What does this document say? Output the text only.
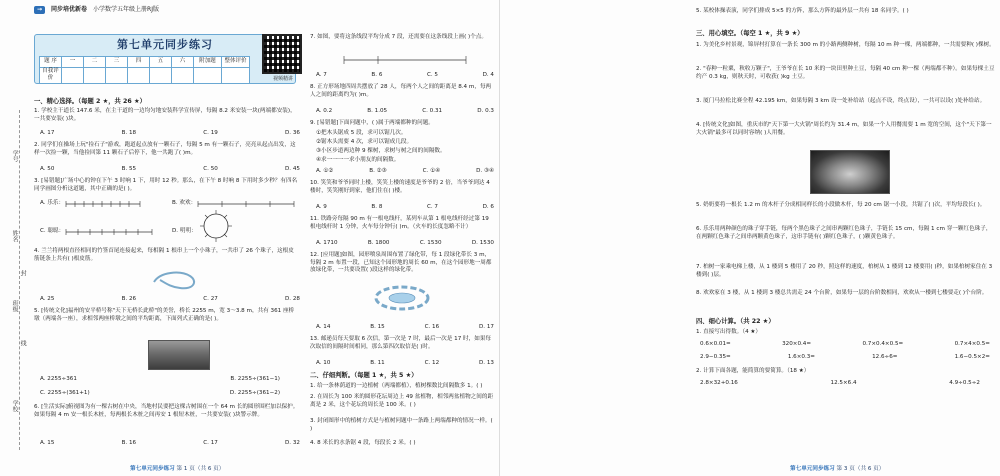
学号
姓名
班级
学校
封
线
→	同步培优新卷 小学数学五年级上册RJ版
第七单元同步练习
题 序	一	二	三	四	五	六	附加题	整体评价
自我评价									视频精讲
一、精心选择。（每题 2 ★，共 26 ★）
1. 学校主干道长 147.6 米，在主干道的一边均匀地安装科学宣传屏，每隔 8.2 米安装一块(两端都安装)，一共要安装( )块。
A. 17	B. 18	C. 19	D. 36
2. 同学们在操场上玩"捡石子"游戏，跑道起点放有一颗石子，每隔 5 m 有一颗石子，亮亮从起点出发，这样一次捡一颗，当他捡回第 11 颗石子后停下，他一共跑了( )m。
A. 50	B. 55	C. 50	D. 45
3. [易错题]广场中心的钟在下午 3 时响 1 下，用时 12 秒。那么，在下午 8 时响 8 下用时多少秒？有四名同学画图分析这道题，其中正确的是( )。
A. 乐乐：	B. 欢欢：
C. 聪聪：	D. 明明：
4. 兰兰将两根直径相同的竹签首尾连接起来，每相隔 1 根串上一个小珠子，一共串了 26 个珠子，这根皮筋链条上共有( )根皮筋。
A. 25	B. 26	C. 27	D. 28
5. [传统文化]福州的安平桥号称"天下无桥长此桥"的美誉，桥长 2255 m，宽 3～3.8 m，共有 361 座桥墩（两端各一座），求相邻两座桥墩之间的平均距离，下面列式正确的是( )。
A. 2255÷361	B. 2255÷(361−1)
C. 2255÷(361+1)	D. 2255÷(361−2)
6. [生活实际]俯视图为有一棵古树在中央，当地村民要把这棵古树围在一个 64 m 长的圆形围栏加以保护。如果每隔 4 m 安一根长木桩，每两根长木桩之间再安 1 根短木桩，一共要安装( )块警示牌。
A. 15	B. 16	C. 17	D. 32
7. 如图，要将这条线段平均分成 7 段，还需要在这条线段上画( )个点。
A. 7	B. 6	C. 5	D. 4
8. 正方形场地四周共摆放了 28 人，每两个人之间的距离是 8.4 m，每两人之间的距离约为( )m。
A. 0.2	B. 1.05	C. 0.31	D. 0.3
9. [易错题]下面问题中，( )属于两端都种的问题。
①把木头锯成 5 段，求可以锯几次。
②锯木头需要 4 次，求可以锯成几段。
③小区步道两边种 9 棵树，求树与树之间的间隔数。
④求一一一一求小朋友的间隔数。
A. ①②	B. ②③	C. ①④	D. ③④
10. 笑笑和爷爷同时上楼，笑笑上楼的速度是爷爷的 2 倍，当爷爷到达 4 楼时，笑笑刚好到家，他们住在( )楼。
A. 9	B. 8	C. 7	D. 6
11. 铁路旁每隔 90 m 有一根电线杆，某列车从第 1 根电线杆经过第 19 根电线杆时 1 分钟，火车每分钟行( )m。（火车的长度忽略不计）
A. 1710	B. 1800	C. 1530	D. 1530
12. [应用题]如图，园形喷泉周围布置了绿化带，每 1 段绿化带长 3 m，每隔 2 m 布置一段，已知这个园形地的周长 60 m，在这个园形地一周都放绿化带，一共要设置( )段这样的绿化带。
A. 14	B. 15	C. 16	D. 17
13. 邮递员每天要取 6 次信，第一次是 7 时，最后一次是 17 时，如果每次取信的间隔时间相同，那么第四次取信是( )时。
A. 10	B. 11	C. 12	D. 13
二、仔细判断。（每题 1 ★，共 5 ★）
1. 给一条林荫道的一边植树（两端都植），植树棵数比间隔数多 1。( )
2. 在周长为 100 米的圆形花坛周边上 49 盆植物，相邻两盆植物之间的距离是 2 米，这个花坛的周长是 100 米。( )
3. 封闭图形中的植树方式是与植树问题中一条路上两端都种的情况一样。( )
4. 8 米长的水条锯 4 段，每段长 2 米。( )
第七单元同步练习 第 1 页（共 6 页）
5. 某校体操表演，同学们排成 5×5 的方阵，那么方阵的最外层一共有 18 名同学。( )
三、用心填空。（每空 1 ★，共 9 ★）
1. 为美化乡村景观，锦屏村打算在一条长 300 m 的小路两侧种树，每隔 10 m 种一棵，两端都种，一共需要种( )棵树。
2. "春种一粒粟，秋收万颗子"，王爷爷在长 10 米的一块田里种土豆，每隔 40 cm 种一棵（两端都不种）。如果每棵土豆约产 0.3 kg，则秋天时，可收获( )kg 土豆。
3. 厦门马拉松比赛全程 42.195 km，如果每隔 3 km 设一处补给站（起点不设，终点设），一共可以设( )处补给站。
4. [传统文化]如图，重庆市的"天下第一大火锅"周长约为 31.4 m，如果一个人用餐需要 1 m 宽的空间，这个"天下第一大火锅"最多可以同时容纳( )人用餐。
5. 奶奶要将一根长 1.2 m 的木杆子分成相同样长的小段做木杆，每 20 cm 锯一小段，共锯了( )次，平均每段长( )。
6. 乐乐用两种颜色的珠子穿手链，每两个黑色珠子之间串两颗红色珠子，手链长 15 cm，每隔 1 cm 穿一颗红色珠子，在两颗红色珠子之间串两颗黄色珠子，这串手链有( )颗红色珠子，( )颗黄色珠子。
7. 柏树一家乘电梯上楼，从 1 楼到 5 楼用了 20 秒，照这样的速度，柏树从 1 楼到 12 楼要用( )秒，如果柏树家住在 3 楼到( )层。
8. 欢欢家在 3 楼，从 1 楼到 3 楼总共需走 24 个台阶，如果每一层的台阶数相同，欢欢从一楼到七楼要走( )个台阶。
四、细心计算。（共 22 ★）
1. 直接写出得数。（4 ★）
0.6×0.01=	320×0.4=	0.7×0.4×0.5=	0.7×4×0.5=
2.9−0.35=	1.6×0.3=	12.6÷6=	1.6−0.5×2=
2. 计算下面各题，能简算的要简算。（18 ★）
2.8×32+0.16	12.5×6.4	4.9÷0.5÷2
第七单元同步练习 第 3 页（共 6 页）
